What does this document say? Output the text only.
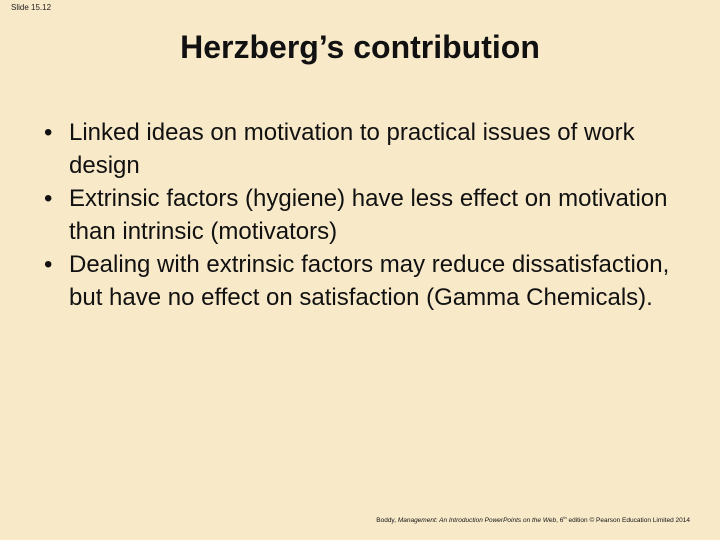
Slide 15.12
Herzberg’s contribution
• Linked ideas on motivation to practical issues of work design
• Extrinsic factors (hygiene) have less effect on motivation than intrinsic (motivators)
• Dealing with extrinsic factors may reduce dissatisfaction, but have no effect on satisfaction (Gamma Chemicals).
Boddy, Management: An Introduction PowerPoints on the Web, 6th edition © Pearson Education Limited 2014
